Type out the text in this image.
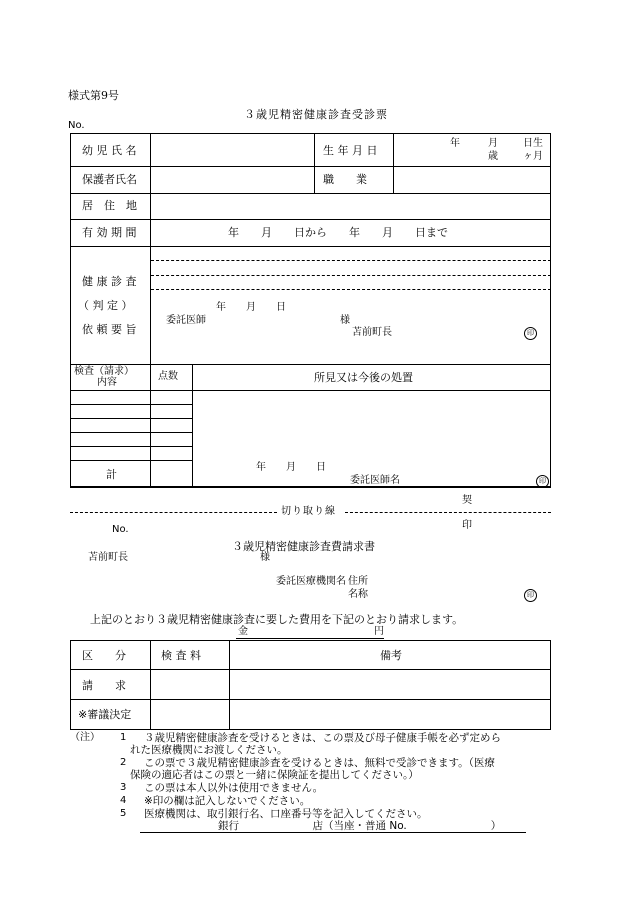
様式第9号
３歳児精密健康診査受診票
No.
幼 児 氏 名	生 年 月 日
年	月	日生
歳	ヶ月
保護者氏名	職　　業
居　住　地
有 効 期 間	年　　月　　日から　　年　　月　　日まで
健 康 診 査
（ 判 定 ）
依 頼 要 旨
年　　月　　日
委託医師	様
苫前町長	印
検査（請求）
内容
点数	所見又は今後の処置
計
年　　月　　日
委託医師名	印
契
切り取り線
印
No.
３歳児精密健康診査費請求書
苫前町長	様
委託医療機関名 住所
名称	印
上記のとおり３歳児精密健康診査に要した費用を下記のとおり請求します。
金	円
区　　分	検 査 料	備考
請　　求
※審議決定
（注） 1 ３歳児精密健康診査を受けるときは、この票及び母子健康手帳を必ず定めら
れた医療機関にお渡しください。
2 この票で３歳児精密健康診査を受けるときは、無料で受診できます。（医療
保険の適応者はこの票と一緒に保険証を提出してください。）
3 この票は本人以外は使用できません。
4 ※印の欄は記入しないでください。
5 医療機関は、取引銀行名、口座番号等を記入してください。
銀行　　　　　　　店（当座・普通 No.　　　　　　　　）
